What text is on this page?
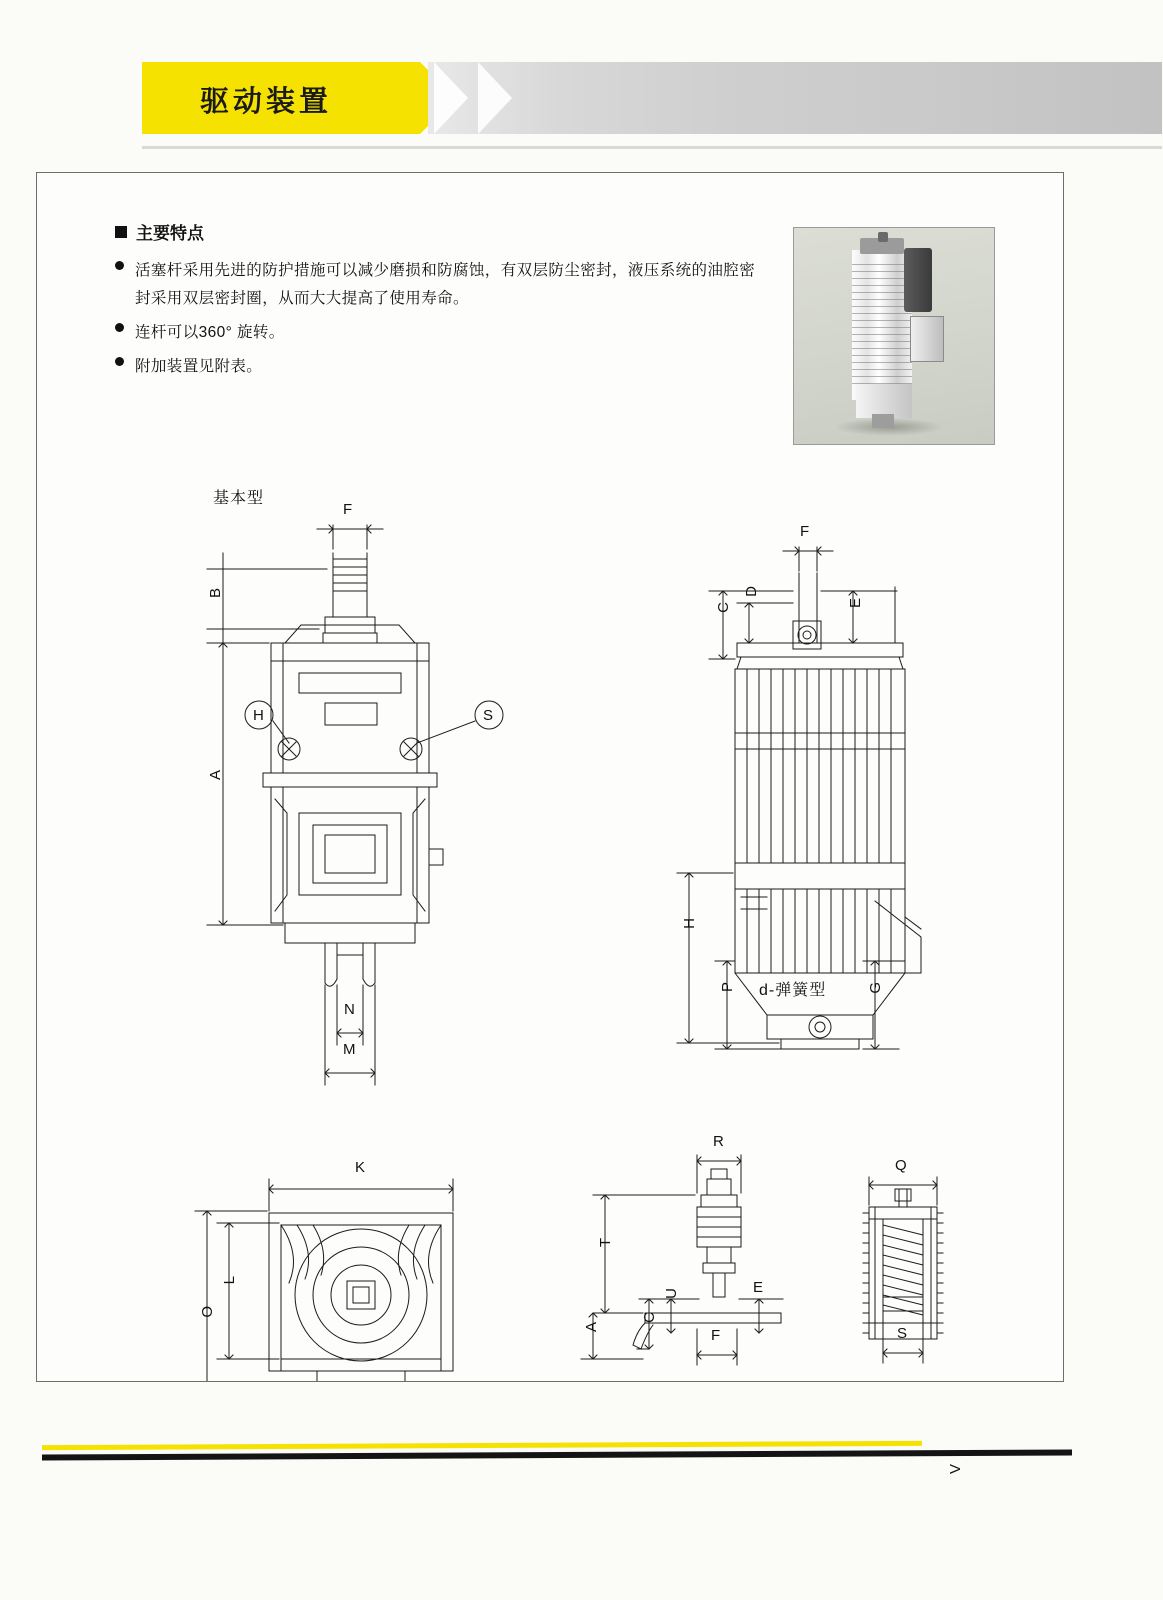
驱动装置
主要特点
活塞杆采用先进的防护措施可以减少磨损和防腐蚀，有双层防尘密封，液压系统的油腔密封采用双层密封圈，从而大大提高了使用寿命。
连杆可以360° 旋转。
附加装置见附表。
基本型
d-弹簧型
F
B
A
H	S
N
M
F
D
C	E
H
P	G
K
L
O
R
T
A
C
U	E
F
Q
S
V
